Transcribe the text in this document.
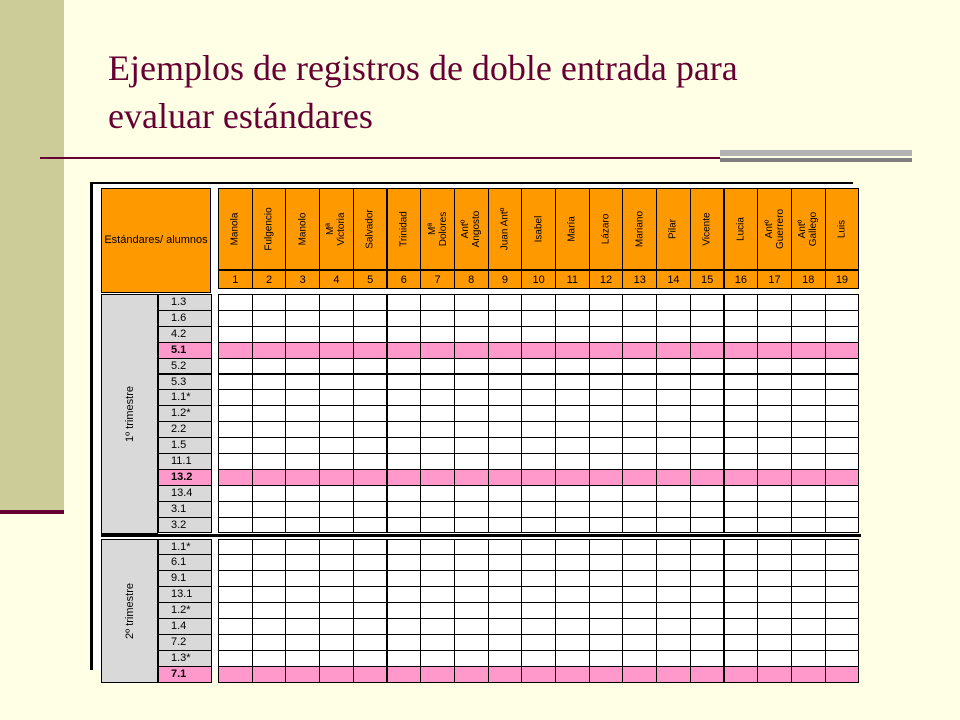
Ejemplos de registros de doble entrada para
evaluar estándares
Estándares/ alumnos Manola
1
Fulgencio
2
Manolo
3
Mª
Victoria
4
Salvador
5
Trinidad
6
Mª
Dolores
7
Antº
Angosto
8
Juan Antº
9
Isabel
10
María
11
Lázaro
12
Mariano
13
Pilar
14
Vicente
15
Lucia
16
Antº
Guerrero
17
Antº
Gallego
18
Luis
19
1º trimestre
1.3
1.6
4.2
5.1
5.2
5.3
1.1*
1.2*
2.2
1.5
11.1
13.2
13.4
3.1
3.2
2º trimestre
1.1*
6.1
9.1
13.1
1.2*
1.4
7.2
1.3*
7.1
